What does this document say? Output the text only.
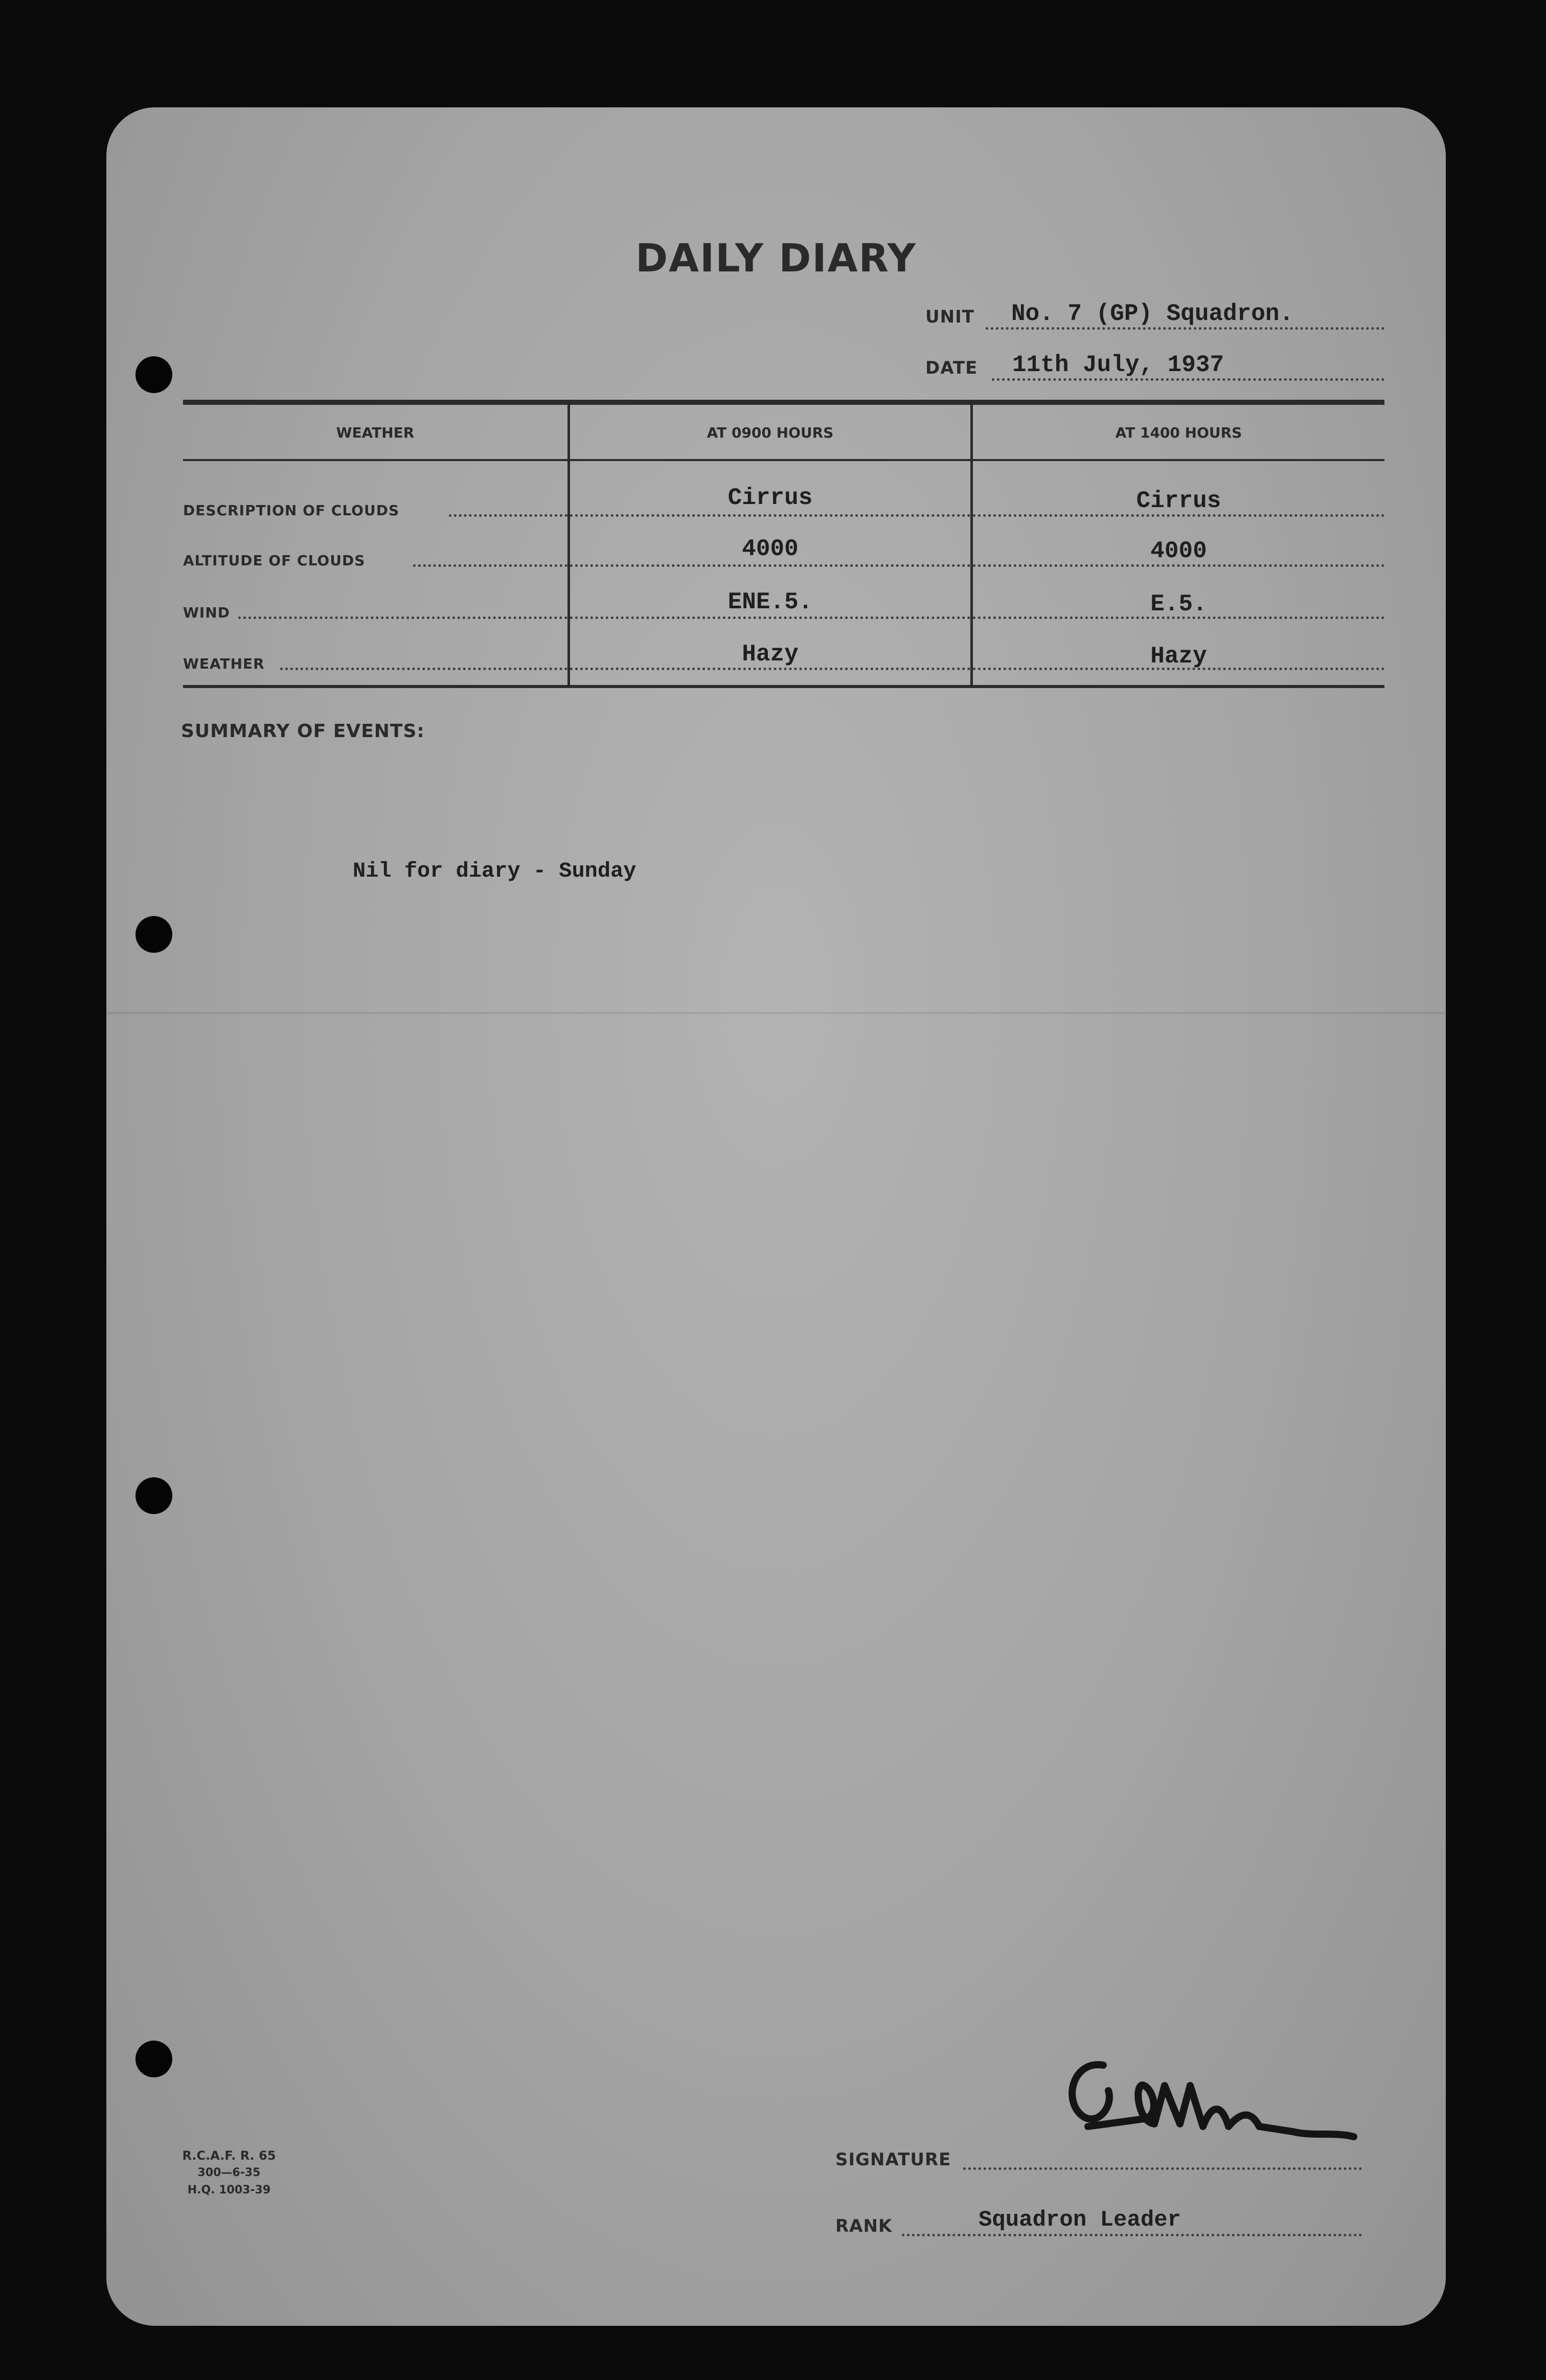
DAILY DIARY
UNIT No. 7 (GP) Squadron.
DATE 11th July, 1937
WEATHER	AT 0900 HOURS	AT 1400 HOURS
DESCRIPTION OF CLOUDS	Cirrus	Cirrus
ALTITUDE OF CLOUDS	4000	4000
WIND	ENE.5.	E.5.
WEATHER	Hazy	Hazy
SUMMARY OF EVENTS:
Nil for diary - Sunday
R.C.A.F. R. 65
300—6-35
H.Q. 1003-39
SIGNATURE
RANK	Squadron Leader
